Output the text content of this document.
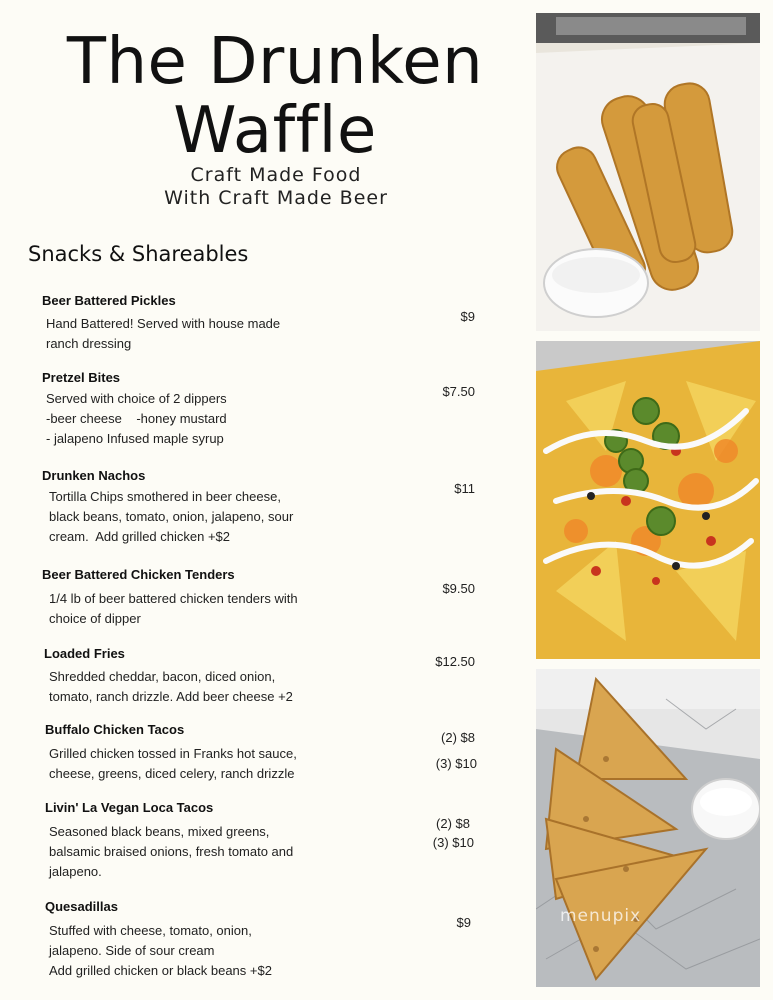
The Drunken
Waffle
Craft Made Food
With Craft Made Beer
Snacks & Shareables
Beer Battered Pickles
Hand Battered! Served with house made
ranch dressing
$9
Pretzel Bites
Served with choice of 2 dippers
-beer cheese    -honey mustard
- jalapeno Infused maple syrup
$7.50
Drunken Nachos
Tortilla Chips smothered in beer cheese,
black beans, tomato, onion, jalapeno, sour
cream.  Add grilled chicken +$2
$11
Beer Battered Chicken Tenders
1/4 lb of beer battered chicken tenders with
choice of dipper
$9.50
Loaded Fries
Shredded cheddar, bacon, diced onion,
tomato, ranch drizzle. Add beer cheese +2
$12.50
Buffalo Chicken Tacos
Grilled chicken tossed in Franks hot sauce,
cheese, greens, diced celery, ranch drizzle
(2) $8
(3) $10
Livin' La Vegan Loca Tacos
Seasoned black beans, mixed greens,
balsamic braised onions, fresh tomato and
jalapeno.
(2) $8
(3) $10
Quesadillas
Stuffed with cheese, tomato, onion,
jalapeno. Side of sour cream
Add grilled chicken or black beans +$2
$9	menupix
